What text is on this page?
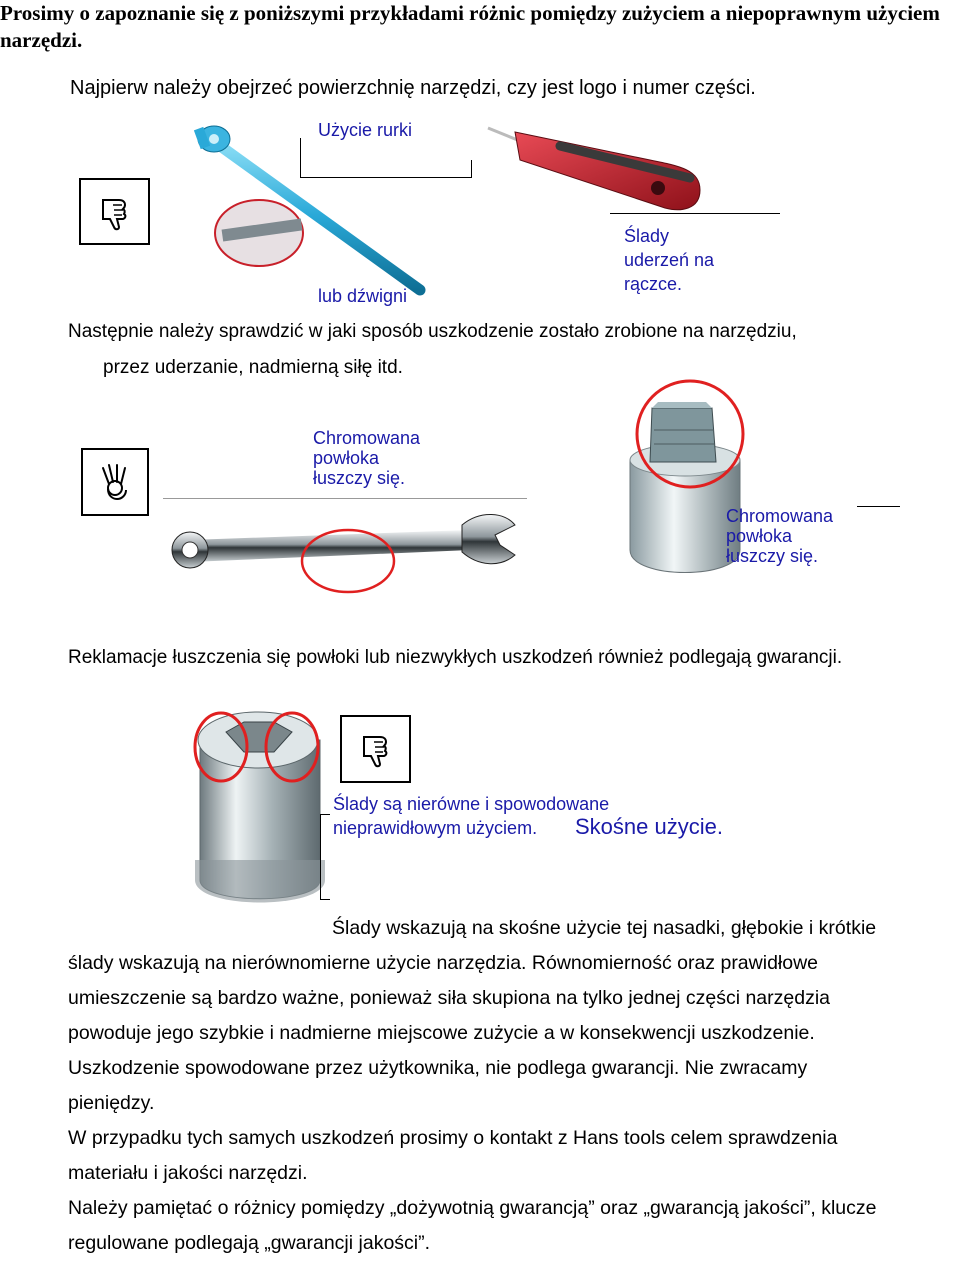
Prosimy o zapoznanie się z poniższymi przykładami różnic pomiędzy zużyciem a niepoprawnym użyciem narzędzi.
Najpierw należy obejrzeć powierzchnię narzędzi, czy jest logo i numer części.
Użycie rurki
Ślady
uderzeń na
rączce.
lub dźwigni
Następnie należy sprawdzić w jaki sposób uszkodzenie zostało zrobione na narzędziu,
przez uderzanie, nadmierną siłę itd.
Chromowana
powłoka
łuszczy się.
Chromowana
powłoka
łuszczy się.
Reklamacje łuszczenia się powłoki lub niezwykłych uszkodzeń również podlegają gwarancji.
Ślady są nierówne i spowodowane
nieprawidłowym użyciem. Skośne użycie.
Ślady wskazują na skośne użycie tej nasadki, głębokie i krótkie
ślady wskazują na nierównomierne użycie narzędzia. Równomierność oraz prawidłowe
umieszczenie są bardzo ważne, ponieważ siła skupiona na tylko jednej części narzędzia
powoduje jego szybkie i nadmierne miejscowe zużycie a w konsekwencji uszkodzenie.
Uszkodzenie spowodowane przez użytkownika, nie podlega gwarancji. Nie zwracamy
pieniędzy.
W przypadku tych samych uszkodzeń prosimy o kontakt z Hans tools celem sprawdzenia
materiału i jakości narzędzi.
Należy pamiętać o różnicy pomiędzy „dożywotnią gwarancją” oraz „gwarancją jakości”, klucze
regulowane podlegają „gwarancji jakości”.
